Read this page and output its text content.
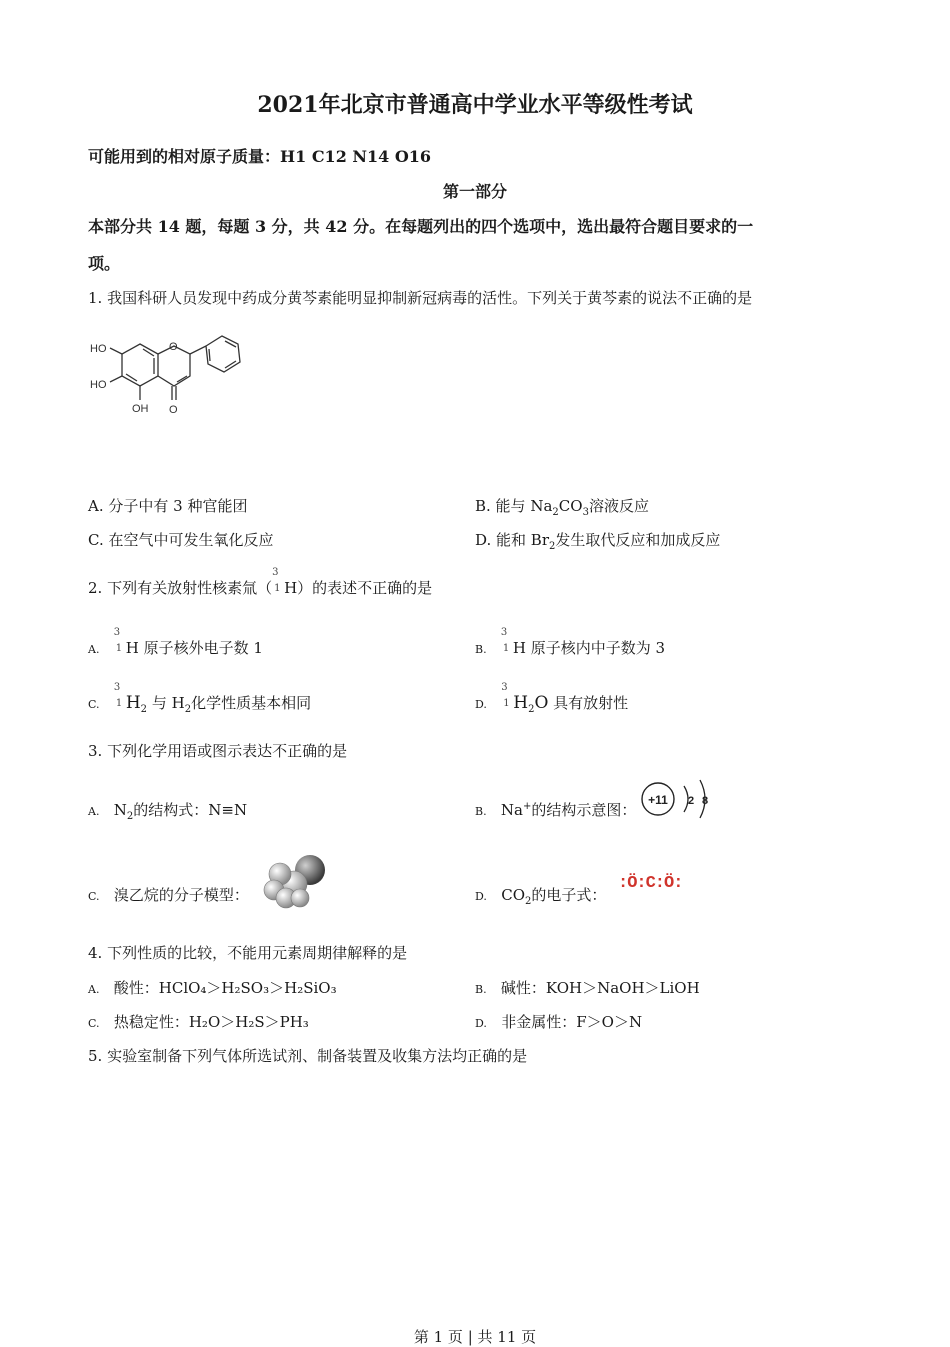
2021年北京市普通高中学业水平等级性考试
可能用到的相对原子质量：H1 C12 N14 O16
第一部分
本部分共 14 题，每题 3 分，共 42 分。在每题列出的四个选项中，选出最符合题目要求的一
项。
1. 我国科研人员发现中药成分黄芩素能明显抑制新冠病毒的活性。下列关于黄芩素的说法不正确的是
HO
HO
OH
O
O
A. 分子中有 3 种官能团	B. 能与 $Na_2CO_3$溶液反应
C. 在空气中可发生氧化反应	D. 能和 $Br_2$发生取代反应和加成反应
2. 下列有关放射性核素氚（
3
1 H）的表述不正确的是
A.
3
1 H 原子核外电子数 1	B.
3
1 H 原子核内中子数为 3
C.
3
1 $H_2$ 与 $H_2$化学性质基本相同	D.
3
1 $H_2O$ 具有放射性
3. 下列化学用语或图示表达不正确的是
A. $N_2$的结构式：N≡N	B. Na+的结构示意图：
+11 2 8
C. 溴乙烷的分子模型：	D. $CO_2$的电子式：
:Ö:C:Ö:
4. 下列性质的比较，不能用元素周期律解释的是
A. 酸性：HClO₄＞H₂SO₃＞H₂SiO₃	B. 碱性：KOH＞NaOH＞LiOH
C. 热稳定性：H₂O＞H₂S＞PH₃	D. 非金属性：F＞O＞N
5. 实验室制备下列气体所选试剂、制备装置及收集方法均正确的是
第 1 页 | 共 11 页
